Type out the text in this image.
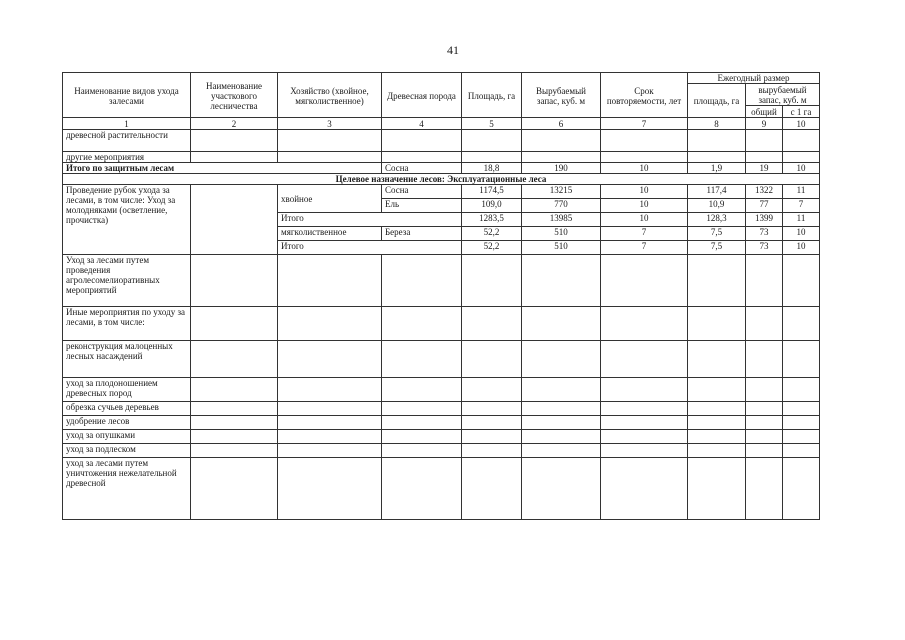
41
Наименование видов ухода залесами	Наименование участкового лесничества	Хозяйство (хвойное, мягколиственное)	Древесная порода	Площадь, га	Вырубаемый запас, куб. м	Срок повторяемости, лет	Ежегодный размер		
							площадь, га	вырубаемый запас, куб. м	
								общий	с 1 га
1	2	3	4	5	6	7	8	9	10
древесной растительности									
другие мероприятия									
Итого по защитным лесам			Сосна	18,8	190	10	1,9	19	10
Целевое назначение лесов: Эксплуатационные леса									
Проведение рубок ухода за лесами, в том числе: Уход за молодняками (осветление, прочистка)		хвойное	Сосна	1174,5	13215	10	117,4	1322	11
			Ель	109,0	770	10	10,9	77	7
		Итого		1283,5	13985	10	128,3	1399	11
		мягколиственное	Береза	52,2	510	7	7,5	73	10
		Итого		52,2	510	7	7,5	73	10
Уход за лесами путем проведения агролесомелиоративных мероприятий									
Иные мероприятия по уходу за лесами, в том числе:									
реконструкция малоценных лесных насаждений									
уход за плодоношением древесных пород									
обрезка сучьев деревьев									
удобрение лесов									
уход за опушками									
уход за подлеском									
уход за лесами путем уничтожения нежелательной древесной									
